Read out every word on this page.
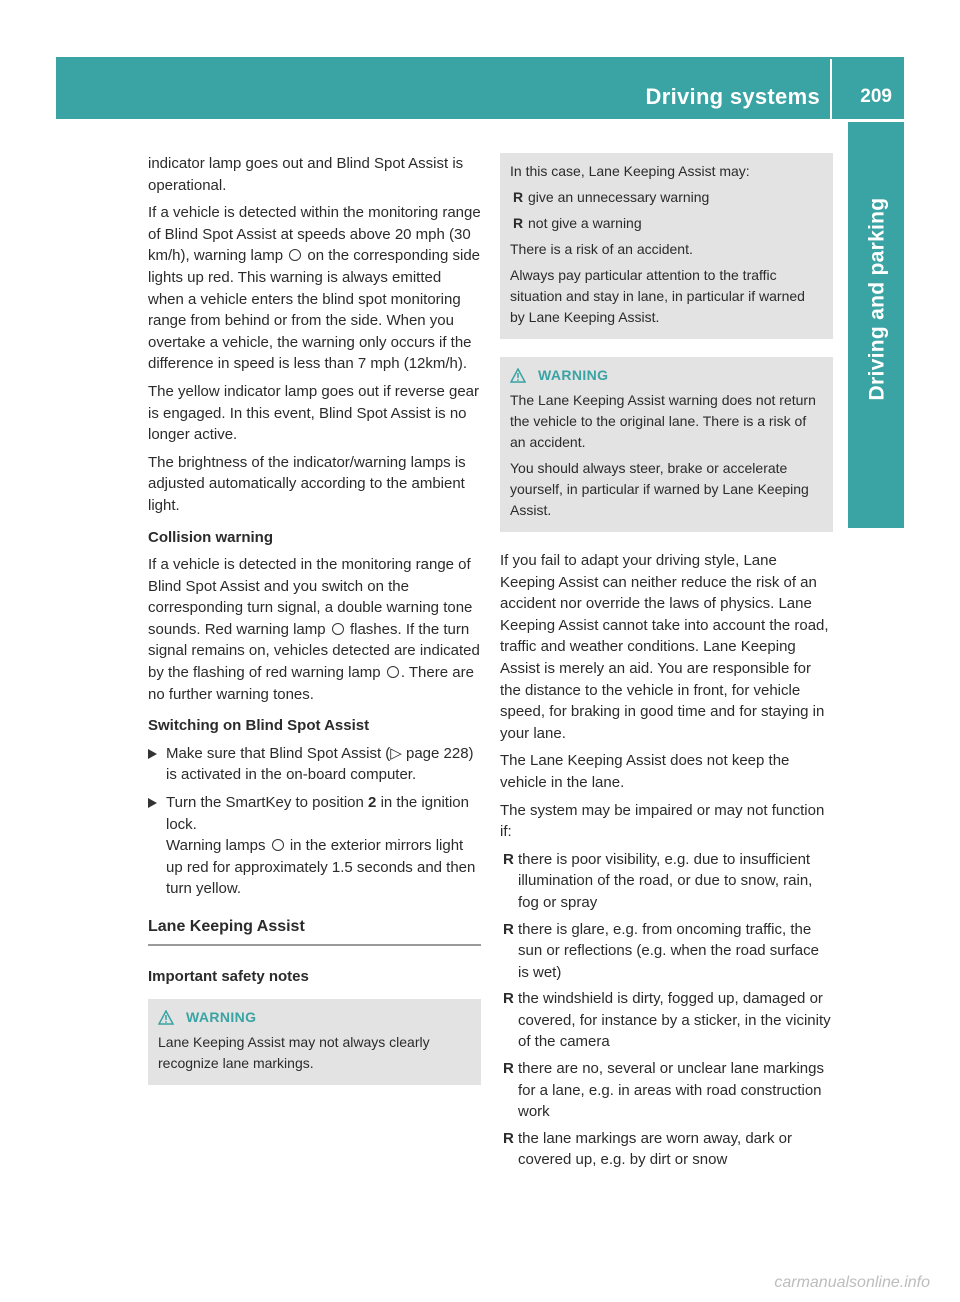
Driving systems 209
Driving and parking

indicator lamp goes out and Blind Spot Assist is operational.

If a vehicle is detected within the monitoring range of Blind Spot Assist at speeds above 20 mph (30 km/h), warning lamp on the corresponding side lights up red. This warning is always emitted when a vehicle enters the blind spot monitoring range from behind or from the side. When you overtake a vehicle, the warning only occurs if the difference in speed is less than 7 mph (12km/h).

The yellow indicator lamp goes out if reverse gear is engaged. In this event, Blind Spot Assist is no longer active.

The brightness of the indicator/warning lamps is adjusted automatically according to the ambient light.

Collision warning

If a vehicle is detected in the monitoring range of Blind Spot Assist and you switch on the corresponding turn signal, a double warning tone sounds. Red warning lamp flashes. If the turn signal remains on, vehicles detected are indicated by the flashing of red warning lamp . There are no further warning tones.

Switching on Blind Spot Assist
Make sure that Blind Spot Assist (▷ page 228) is activated in the on-board computer.
Turn the SmartKey to position 2 in the ignition lock.
Warning lamps in the exterior mirrors light up red for approximately 1.5 seconds and then turn yellow.
Lane Keeping Assist
Important safety notes
WARNING

Lane Keeping Assist may not always clearly recognize lane markings.

In this case, Lane Keeping Assist may:

R give an unnecessary warning
R not give a warning

There is a risk of an accident.

Always pay particular attention to the traffic situation and stay in lane, in particular if warned by Lane Keeping Assist.

WARNING

The Lane Keeping Assist warning does not return the vehicle to the original lane. There is a risk of an accident.

You should always steer, brake or accelerate yourself, in particular if warned by Lane Keeping Assist.

If you fail to adapt your driving style, Lane Keeping Assist can neither reduce the risk of an accident nor override the laws of physics. Lane Keeping Assist cannot take into account the road, traffic and weather conditions. Lane Keeping Assist is merely an aid. You are responsible for the distance to the vehicle in front, for vehicle speed, for braking in good time and for staying in your lane.

The Lane Keeping Assist does not keep the vehicle in the lane.

The system may be impaired or may not function if:

R there is poor visibility, e.g. due to insufficient illumination of the road, or due to snow, rain, fog or spray
R there is glare, e.g. from oncoming traffic, the sun or reflections (e.g. when the road surface is wet)
R the windshield is dirty, fogged up, damaged or covered, for instance by a sticker, in the vicinity of the camera
R there are no, several or unclear lane markings for a lane, e.g. in areas with road construction work
R the lane markings are worn away, dark or covered up, e.g. by dirt or snow
carmanualsonline.info
